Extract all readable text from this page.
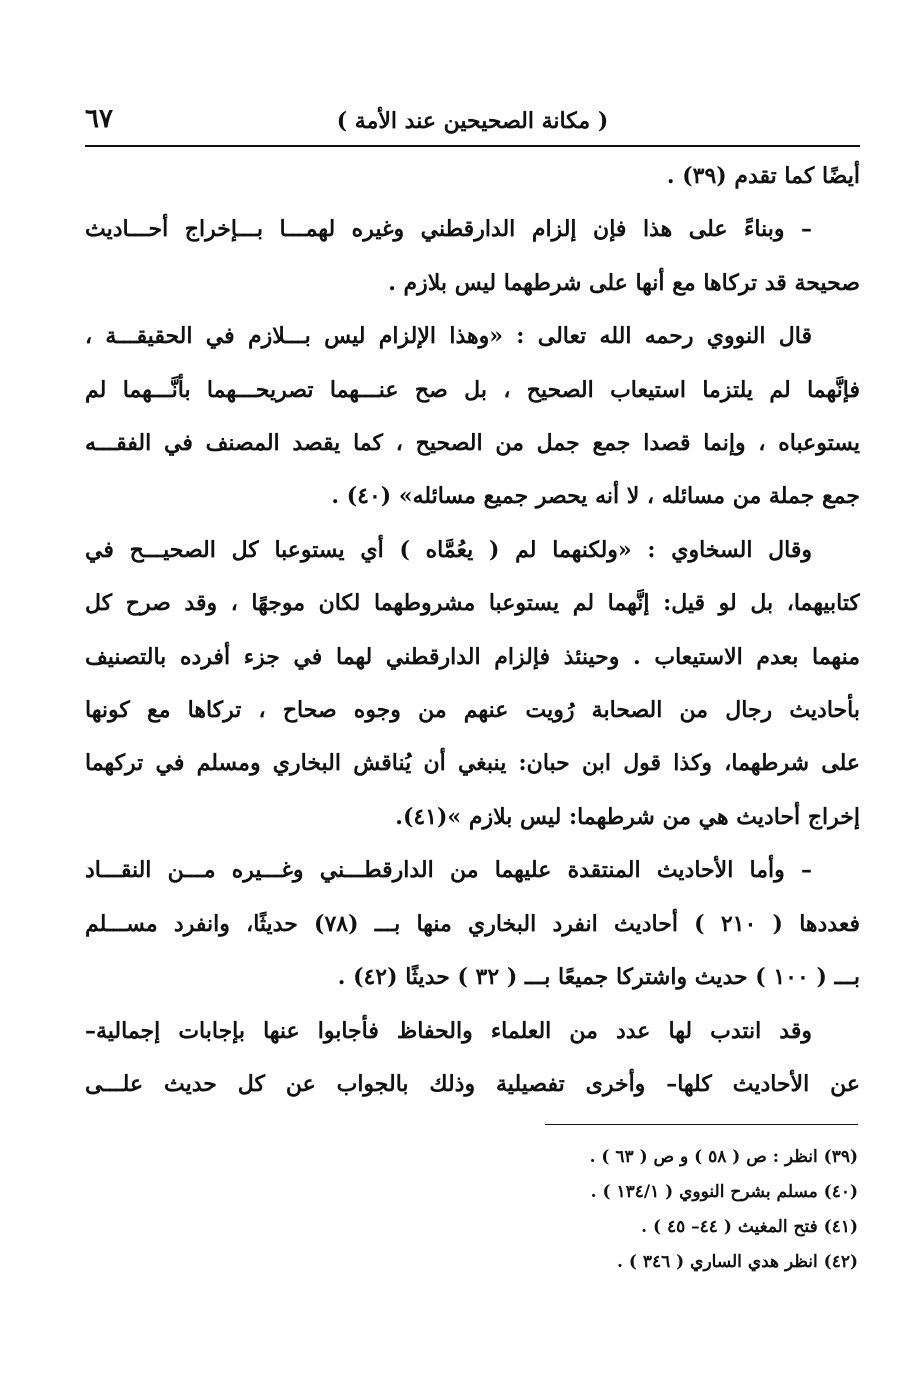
( مكانة الصحيحين عند الأمة )
٦٧
أيضًا كما تقدم (٣٩) .
– وبناءً على هذا فإن إلزام الدارقطني وغيره لهمـــا بـــإخراج أحـــاديث
صحيحة قد تركاها مع أنها على شرطهما ليس بلازم .
قال النووي رحمه الله تعالى : «وهذا الإلزام ليس بـــلازم في الحقيقـــة ،
فإنَّهما لم يلتزما استيعاب الصحيح ، بل صح عنـــهما تصريحـــهما بأنَّـــهما لم
يستوعباه ، وإنما قصدا جمع جمل من الصحيح ، كما يقصد المصنف في الفقـــه
جمع جملة من مسائله ، لا أنه يحصر جميع مسائله» (٤٠) .
وقال السخاوي : «ولكنهما لم ( يعُمَّاه ) أي يستوعبا كل الصحيـــح في
كتابيهما، بل لو قيل: إنَّهما لم يستوعبا مشروطهما لكان موجهًا ، وقد صرح كل
منهما بعدم الاستيعاب . وحينئذ فإلزام الدارقطني لهما في جزء أفرده بالتصنيف
بأحاديث رجال من الصحابة رُويت عنهم من وجوه صحاح ، تركاها مع كونها
على شرطهما، وكذا قول ابن حبان: ينبغي أن يُناقش البخاري ومسلم في تركهما
إخراج أحاديث هي من شرطهما: ليس بلازم »(٤١).
– وأما الأحاديث المنتقدة عليهما من الدارقطـــني وغـــيره مـــن النقـــاد
فعددها ( ٢١٠ ) أحاديث انفرد البخاري منها بـــ (٧٨) حديثًا، وانفرد مســـلم
بـــ ( ١٠٠ ) حديث واشتركا جميعًا بـــ ( ٣٢ ) حديثًا (٤٢) .
وقد انتدب لها عدد من العلماء والحفاظ فأجابوا عنها بإجابات إجمالية–
عن الأحاديث كلها– وأخرى تفصيلية وذلك بالجواب عن كل حديث علـــى
(٣٩) انظر : ص ( ٥٨ ) و ص ( ٦٣ ) .
(٤٠) مسلم بشرح النووي ( ١٣٤/١ ) .
(٤١) فتح المغيث ( ٤٤– ٤٥ ) .
(٤٢) انظر هدي الساري ( ٣٤٦ ) .
